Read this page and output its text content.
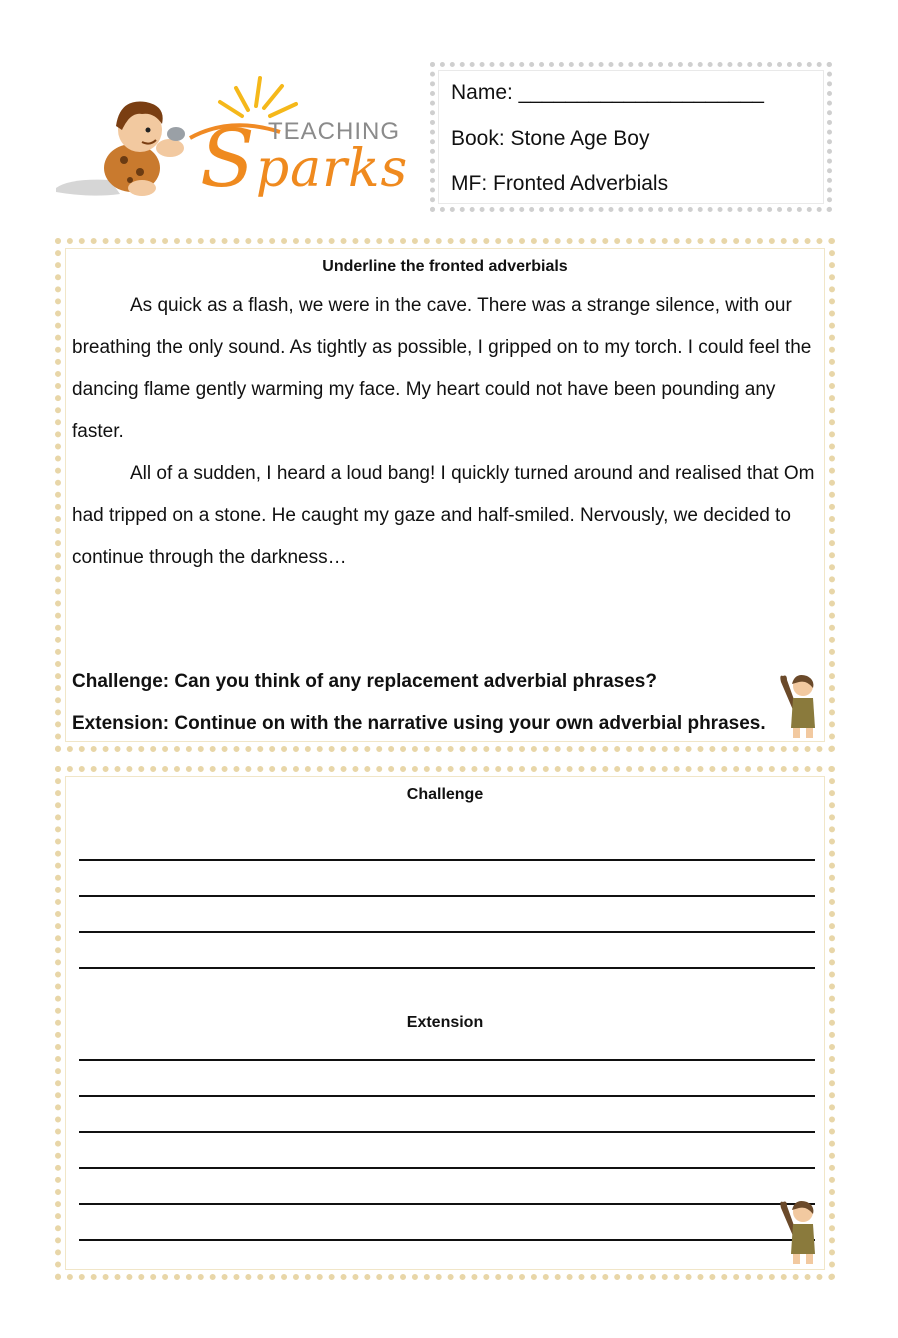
TEACHING
Sparks
Name: _____________________
Book: Stone Age Boy
MF: Fronted Adverbials
Underline the fronted adverbials
As quick as a flash, we were in the cave. There was a strange silence, with our breathing the only sound. As tightly as possible, I gripped on to my torch. I could feel the dancing flame gently warming my face. My heart could not have been pounding any faster.
All of a sudden, I heard a loud bang! I quickly turned around and realised that Om had tripped on a stone. He caught my gaze and half-smiled. Nervously, we decided to continue through the darkness…
Challenge: Can you think of any replacement adverbial phrases?
Extension: Continue on with the narrative using your own adverbial phrases.
Challenge
Extension
